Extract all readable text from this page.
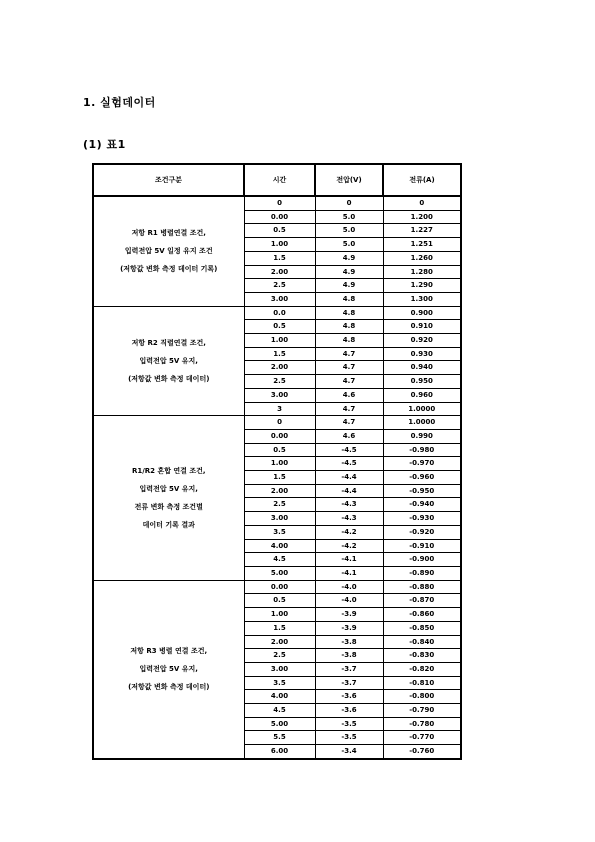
1. 실험데이터
(1) 표1
조건구분	시간	전압(V)	전류(A)

저항 R1 병렬연결 조건,
입력전압 5V 일정 유지 조건
(저항값 변화 측정 데이터 기록)	0	0	0
	0.00	5.0	1.200
	0.5	5.0	1.227
	1.00	5.0	1.251
	1.5	4.9	1.260
	2.00	4.9	1.280
	2.5	4.9	1.290
	3.00	4.8	1.300

저항 R2 직렬연결 조건,
입력전압 5V 유지,
(저항값 변화 측정 데이터)	0.0	4.8	0.900
	0.5	4.8	0.910
	1.00	4.8	0.920
	1.5	4.7	0.930
	2.00	4.7	0.940
	2.5	4.7	0.950
	3.00	4.6	0.960
	3	4.7	1.0000

R1/R2 혼합 연결 조건,
입력전압 5V 유지,
전류 변화 측정 조건별
데이터 기록 결과	0	4.7	1.0000
	0.00	4.6	0.990
	0.5	-4.5	-0.980
	1.00	-4.5	-0.970
	1.5	-4.4	-0.960
	2.00	-4.4	-0.950
	2.5	-4.3	-0.940
	3.00	-4.3	-0.930
	3.5	-4.2	-0.920
	4.00	-4.2	-0.910
	4.5	-4.1	-0.900
	5.00	-4.1	-0.890

저항 R3 병렬 연결 조건,
입력전압 5V 유지,
(저항값 변화 측정 데이터)	0.00	-4.0	-0.880
	0.5	-4.0	-0.870
	1.00	-3.9	-0.860
	1.5	-3.9	-0.850
	2.00	-3.8	-0.840
	2.5	-3.8	-0.830
	3.00	-3.7	-0.820
	3.5	-3.7	-0.810
	4.00	-3.6	-0.800
	4.5	-3.6	-0.790
	5.00	-3.5	-0.780
	5.5	-3.5	-0.770
	6.00	-3.4	-0.760
